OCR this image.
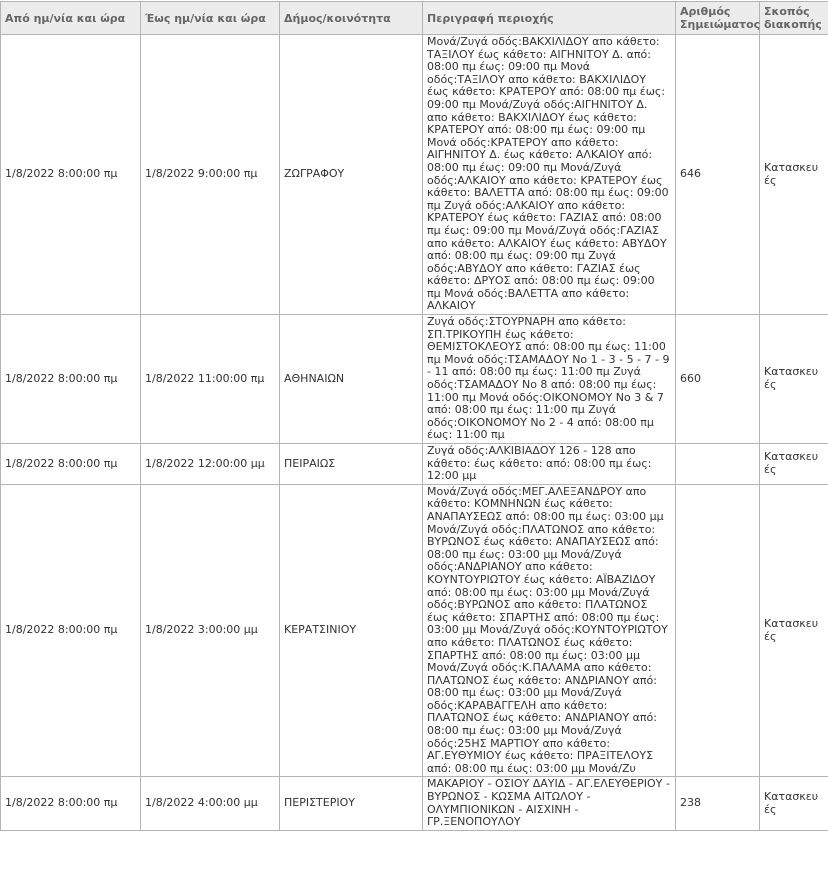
Από ημ/νία και ώρα	Έως ημ/νία και ώρα	Δήμος/κοινότητα	Περιγραφή περιοχής	Αριθμός Σημειώματος	Σκοπός διακοπής
1/8/2022 8:00:00 πμ	1/8/2022 9:00:00 πμ	ΖΩΓΡΑΦΟΥ	Μονά/Ζυγά οδός:ΒΑΚΧΙΛΙΔΟΥ απο κάθετο: ΤΑΞΙΛΟΥ έως κάθετο: ΑΙΓΗΝΙΤΟΥ Δ. από: 08:00 πμ έως: 09:00 πμ Μονά οδός:ΤΑΞΙΛΟΥ απο κάθετο: ΒΑΚΧΙΛΙΔΟΥ έως κάθετο: ΚΡΑΤΕΡΟΥ από: 08:00 πμ έως: 09:00 πμ Μονά/Ζυγά οδός:ΑΙΓΗΝΙΤΟΥ Δ. απο κάθετο: ΒΑΚΧΙΛΙΔΟΥ έως κάθετο: ΚΡΑΤΕΡΟΥ από: 08:00 πμ έως: 09:00 πμ Μονά οδός:ΚΡΑΤΕΡΟΥ απο κάθετο: ΑΙΓΗΝΙΤΟΥ Δ. έως κάθετο: ΑΛΚΑΙΟΥ από: 08:00 πμ έως: 09:00 πμ Μονά/Ζυγά οδός:ΑΛΚΑΙΟΥ απο κάθετο: ΚΡΑΤΕΡΟΥ έως κάθετο: ΒΑΛΕΤΤΑ από: 08:00 πμ έως: 09:00 πμ Ζυγά οδός:ΑΛΚΑΙΟΥ απο κάθετο: ΚΡΑΤΕΡΟΥ έως κάθετο: ΓΑΖΙΑΣ από: 08:00 πμ έως: 09:00 πμ Μονά/Ζυγά οδός:ΓΑΖΙΑΣ απο κάθετο: ΑΛΚΑΙΟΥ έως κάθετο: ΑΒΥΔΟΥ από: 08:00 πμ έως: 09:00 πμ Ζυγά οδός:ΑΒΥΔΟΥ απο κάθετο: ΓΑΖΙΑΣ έως κάθετο: ΔΡΥΟΣ από: 08:00 πμ έως: 09:00 πμ Μονά οδός:ΒΑΛΕΤΤΑ απο κάθετο: ΑΛΚΑΙΟΥ	646	Κατασκευές
1/8/2022 8:00:00 πμ	1/8/2022 11:00:00 πμ	ΑΘΗΝΑΙΩΝ	Ζυγά οδός:ΣΤΟΥΡΝΑΡΗ απο κάθετο: ΣΠ.ΤΡΙΚΟΥΠΗ έως κάθετο: ΘΕΜΙΣΤΟΚΛΕΟΥΣ από: 08:00 πμ έως: 11:00 πμ Μονά οδός:ΤΣΑΜΑΔΟΥ Νο 1 - 3 - 5 - 7 - 9 - 11 από: 08:00 πμ έως: 11:00 πμ Ζυγά οδός:ΤΣΑΜΑΔΟΥ Νο 8 από: 08:00 πμ έως: 11:00 πμ Μονά οδός:ΟΙΚΟΝΟΜΟΥ Νο 3 & 7 από: 08:00 πμ έως: 11:00 πμ Ζυγά οδός:ΟΙΚΟΝΟΜΟΥ Νο 2 - 4 από: 08:00 πμ έως: 11:00 πμ	660	Κατασκευές
1/8/2022 8:00:00 πμ	1/8/2022 12:00:00 μμ	ΠΕΙΡΑΙΩΣ	Ζυγά οδός:ΑΛΚΙΒΙΑΔΟΥ 126 - 128 απο κάθετο: έως κάθετο: από: 08:00 πμ έως: 12:00 μμ		Κατασκευές
1/8/2022 8:00:00 πμ	1/8/2022 3:00:00 μμ	ΚΕΡΑΤΣΙΝΙΟΥ	Μονά/Ζυγά οδός:ΜΕΓ.ΑΛΕΞΑΝΔΡΟΥ απο κάθετο: ΚΟΜΝΗΝΩΝ έως κάθετο: ΑΝΑΠΑΥΣΕΩΣ από: 08:00 πμ έως: 03:00 μμ Μονά/Ζυγά οδός:ΠΛΑΤΩΝΟΣ απο κάθετο: ΒΥΡΩΝΟΣ έως κάθετο: ΑΝΑΠΑΥΣΕΩΣ από: 08:00 πμ έως: 03:00 μμ Μονά/Ζυγά οδός:ΑΝΔΡΙΑΝΟΥ απο κάθετο: ΚΟΥΝΤΟΥΡΙΩΤΟΥ έως κάθετο: ΑΪΒΑΖΙΔΟΥ από: 08:00 πμ έως: 03:00 μμ Μονά/Ζυγά οδός:ΒΥΡΩΝΟΣ απο κάθετο: ΠΛΑΤΩΝΟΣ έως κάθετο: ΣΠΑΡΤΗΣ από: 08:00 πμ έως: 03:00 μμ Μονά/Ζυγά οδός:ΚΟΥΝΤΟΥΡΙΩΤΟΥ απο κάθετο: ΠΛΑΤΩΝΟΣ έως κάθετο: ΣΠΑΡΤΗΣ από: 08:00 πμ έως: 03:00 μμ Μονά/Ζυγά οδός:Κ.ΠΑΛΑΜΑ απο κάθετο: ΠΛΑΤΩΝΟΣ έως κάθετο: ΑΝΔΡΙΑΝΟΥ από: 08:00 πμ έως: 03:00 μμ Μονά/Ζυγά οδός:ΚΑΡΑΒΑΓΓΕΛΗ απο κάθετο: ΠΛΑΤΩΝΟΣ έως κάθετο: ΑΝΔΡΙΑΝΟΥ από: 08:00 πμ έως: 03:00 μμ Μονά/Ζυγά οδός:25ΗΣ ΜΑΡΤΙΟΥ απο κάθετο: ΑΓ.ΕΥΘΥΜΙΟΥ έως κάθετο: ΠΡΑΞΙΤΕΛΟΥΣ από: 08:00 πμ έως: 03:00 μμ Μονά/Ζυ		Κατασκευές
1/8/2022 8:00:00 πμ	1/8/2022 4:00:00 μμ	ΠΕΡΙΣΤΕΡΙΟΥ	ΜΑΚΑΡΙΟΥ - ΟΣΙΟΥ ΔΑΥΙΔ - ΑΓ.ΕΛΕΥΘΕΡΙΟΥ - ΒΥΡΩΝΟΣ - ΚΩΣΜΑ ΑΙΤΩΛΟΥ - ΟΛΥΜΠΙΟΝΙΚΩΝ - ΑΙΣΧΙΝΗ - ΓΡ.ΞΕΝΟΠΟΥΛΟΥ	238	Κατασκευές
